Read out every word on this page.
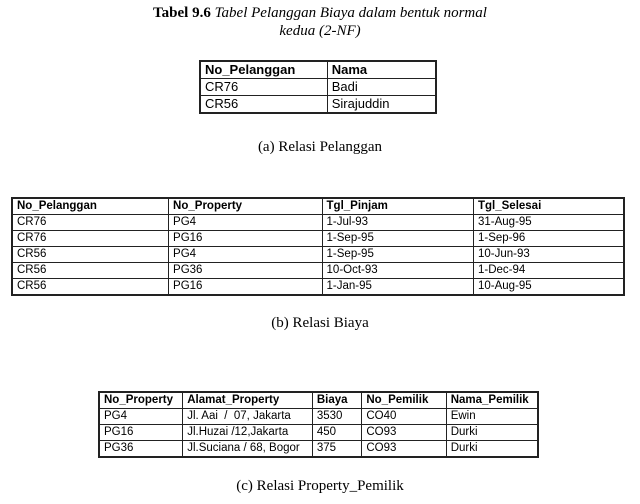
Tabel 9.6 Tabel Pelanggan Biaya dalam bentuk normal
kedua (2-NF)
No_Pelanggan	Nama
CR76	Badi
CR56	Sirajuddin
(a) Relasi Pelanggan
No_Pelanggan	No_Property	Tgl_Pinjam	Tgl_Selesai
CR76	PG4	1-Jul-93	31-Aug-95
CR76	PG16	1-Sep-95	1-Sep-96
CR56	PG4	1-Sep-95	10-Jun-93
CR56	PG36	10-Oct-93	1-Dec-94
CR56	PG16	1-Jan-95	10-Aug-95
(b) Relasi Biaya
No_Property	Alamat_Property	Biaya	No_Pemilik	Nama_Pemilik
PG4	Jl. Aai  /  07, Jakarta	3530	CO40	Ewin
PG16	Jl.Huzai /12,Jakarta	450	CO93	Durki
PG36	Jl.Suciana / 68, Bogor	375	CO93	Durki
(c) Relasi Property_Pemilik
